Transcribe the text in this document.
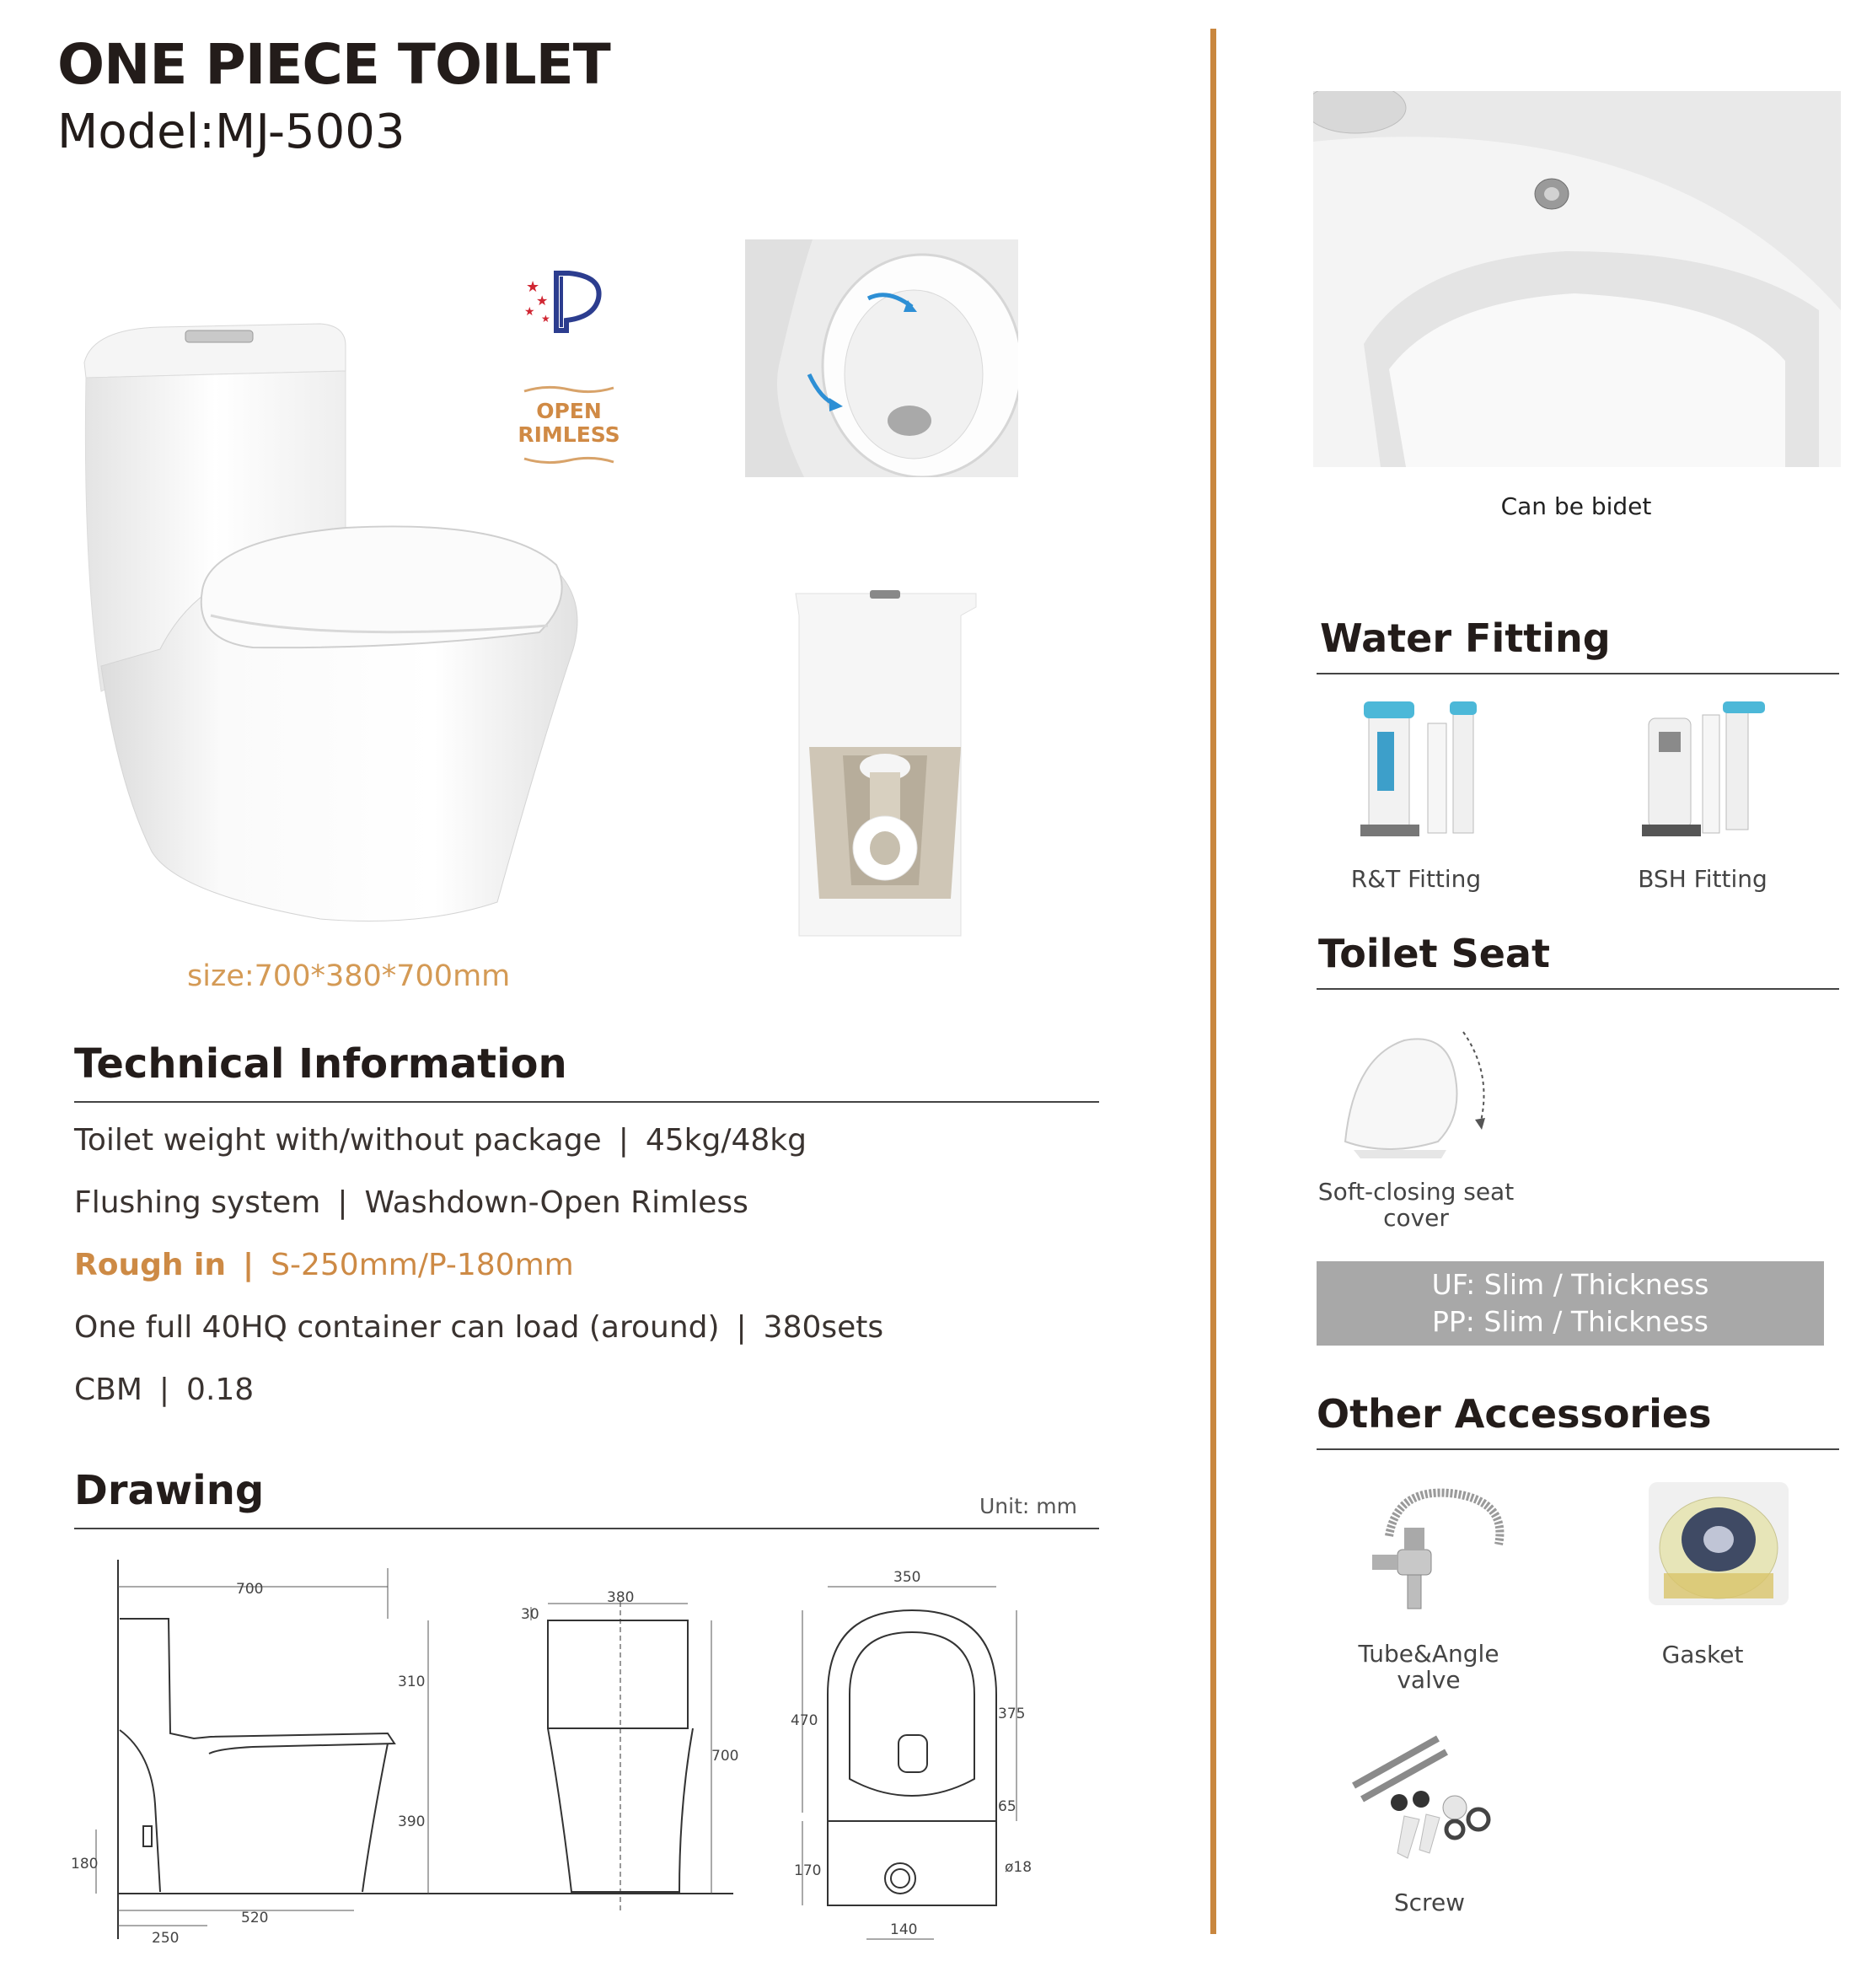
ONE PIECE TOILET
Model:MJ-5003
★
★
★ ★
OPEN
RIMLESS
size:700*380*700mm
Technical Information
Toilet weight with/without package | 45kg/48kg
Flushing system | Washdown-Open Rimless
Rough in | S-250mm/P-180mm
One full 40HQ container can load (around) | 380sets
CBM | 0.18
Drawing	Unit: mm
700
310
390
180
520
250
380
30
700
350
470	375
65
170	ø18
140
Can be bidet
Water Fitting
R&T Fitting	BSH Fitting
Toilet Seat
Soft-closing seat
cover
UF: Slim / Thickness
PP: Slim / Thickness
Other Accessories
Tube&Angle
valve
Gasket
Screw
